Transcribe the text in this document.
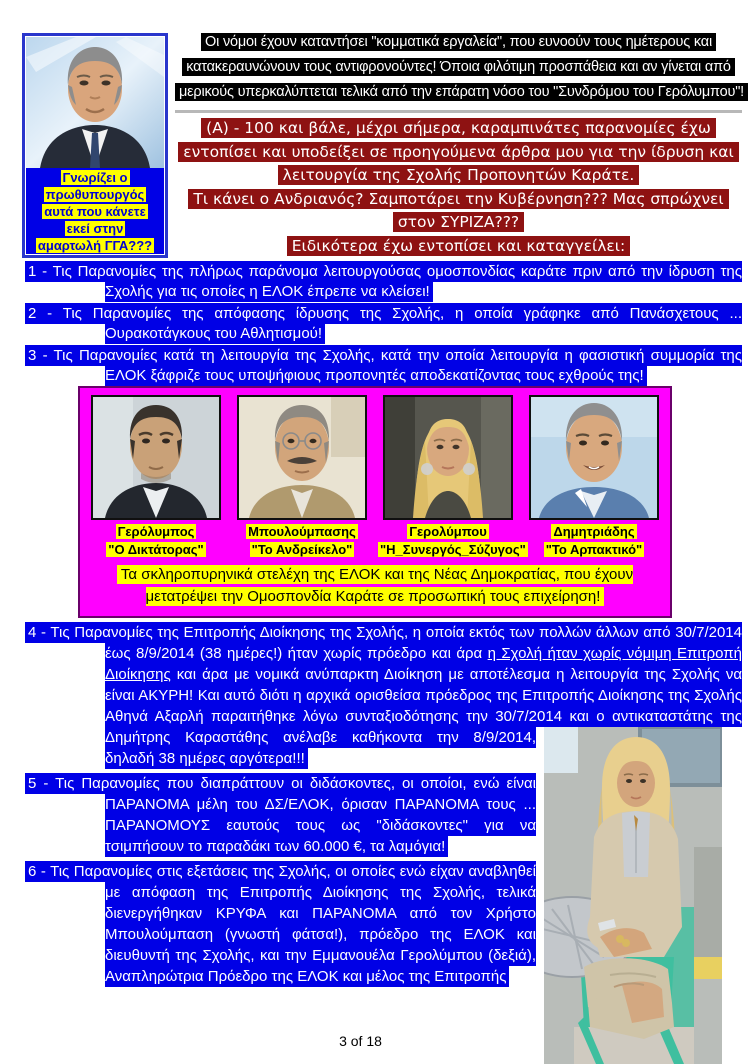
Γνωρίζει ο
πρωθυπουργός
αυτά που κάνετε
εκεί στην
αμαρτωλή ΓΓΑ???
Οι νόμοι έχουν καταντήσει "κομματικά εργαλεία", που ευνοούν τους ημέτερους και
κατακεραυνώνουν τους αντιφρονούντες! Όποια φιλότιμη προσπάθεια και αν γίνεται από
μερικούς υπερκαλύπτεται τελικά από την επάρατη νόσο του "Συνδρόμου του Γερόλυμπου"!
(Α) - 100 και βάλε, μέχρι σήμερα, καραμπινάτες παρανομίες έχω
εντοπίσει και υποδείξει σε προηγούμενα άρθρα μου για την ίδρυση και
λειτουργία της Σχολής Προπονητών Καράτε.
Τι κάνει ο Ανδριανός? Σαμποτάρει την Κυβέρνηση??? Μας σπρώχνει
στον ΣΥΡΙΖΑ???
Ειδικότερα έχω εντοπίσει και καταγγείλει:
1 - Τις Παρανομίες της πλήρως παράνομα λειτουργούσας ομοσπονδίας καράτε πριν από την ίδρυση της Σχολής για τις οποίες η ΕΛΟΚ έπρεπε να κλείσει!
2 - Τις Παρανομίες της απόφασης ίδρυσης της Σχολής, η οποία γράφηκε από Πανάσχετους ... Ουρακοτάγκους του Αθλητισμού!
3 - Τις Παρανομίες κατά τη λειτουργία της Σχολής, κατά την οποία λειτουργία η φασιστική συμμορία της ΕΛΟΚ ξάφριζε τους υποψήφιους προπονητές αποδεκατίζοντας τους εχθρούς της!
Γερόλυμπος
"Ο Δικτάτορας"
Μπουλούμπασης
"Το Ανδρείκελο"
Γερολύμπου
"Η_Συνεργός_Σύζυγος"
Δημητριάδης
"Το Αρπακτικό"
Τα σκληροπυρηνικά στελέχη της ΕΛΟΚ και της Νέας Δημοκρατίας, που έχουν μετατρέψει την Ομοσπονδία Καράτε σε προσωπική τους επιχείρηση!
4 - Τις Παρανομίες της Επιτροπής Διοίκησης της Σχολής, η οποία εκτός των πολλών άλλων από 30/7/2014 έως 8/9/2014 (38 ημέρες!) ήταν χωρίς πρόεδρο και άρα η Σχολή ήταν χωρίς νόμιμη Επιτροπή Διοίκησης και άρα με νομικά ανύπαρκτη Διοίκηση με αποτέλεσμα η λειτουργία της Σχολής να είναι ΑΚΥΡΗ! Και αυτό διότι η αρχικά ορισθείσα πρόεδρος της Επιτροπής Διοίκησης της Σχολής Αθηνά Αξαρλή παραιτήθηκε λόγω συνταξιοδότησης την 30/7/2014 και ο αντικαταστάτης της Δημήτρης Καραστάθης ανέλαβε καθήκοντα την 8/9/2014, δηλαδή 38 ημέρες αργότερα!!!
5 - Τις Παρανομίες που διαπράττουν οι διδάσκοντες, οι οποίοι, ενώ είναι ΠΑΡΑΝΟΜΑ μέλη του ΔΣ/ΕΛΟΚ, όρισαν ΠΑΡΑΝΟΜΑ τους ... ΠΑΡΑΝΟΜΟΥΣ εαυτούς τους ως "διδάσκοντες" για να τσιμπήσουν το παραδάκι των 60.000 €, τα λαμόγια!
6 - Τις Παρανομίες στις εξετάσεις της Σχολής, οι οποίες ενώ είχαν αναβληθεί με απόφαση της Επιτροπής Διοίκησης της Σχολής, τελικά διενεργήθηκαν ΚΡΥΦΑ και ΠΑΡΑΝΟΜΑ από τον Χρήστο Μπουλούμπαση (γνωστή φάτσα!), πρόεδρο της ΕΛΟΚ και διευθυντή της Σχολής, και την Εμμανουέλα Γερολύμπου (δεξιά), Αναπληρώτρια Πρόεδρο της ΕΛΟΚ και μέλος της Επιτροπής
3 of 18
